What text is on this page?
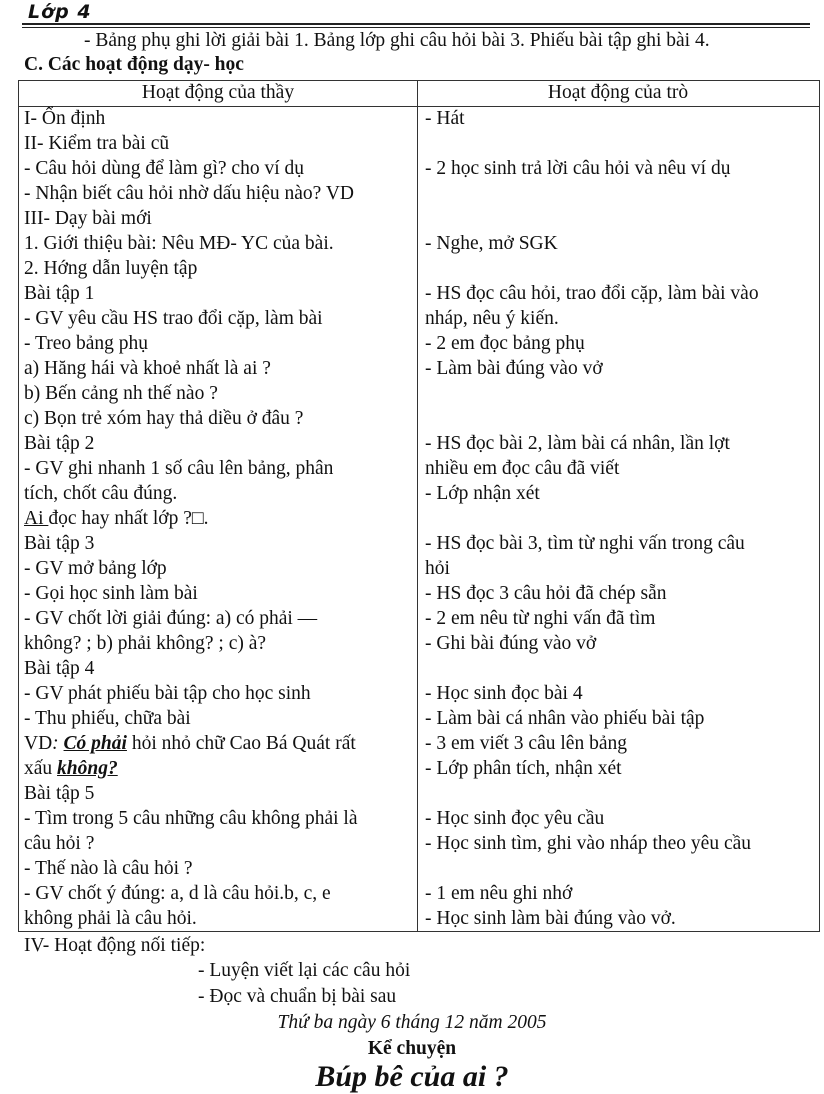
Lớp 4
- Bảng phụ ghi lời giải bài 1. Bảng lớp ghi câu hỏi bài 3. Phiếu bài tập ghi bài 4.
C. Các hoạt động dạy- học
Hoạt động của thầy	Hoạt động của trò
I- Ổn định
II- Kiểm tra bài cũ
- Câu hỏi dùng để làm gì? cho ví dụ
- Nhận biết câu hỏi nhờ dấu hiệu nào? VD
III- Dạy bài mới
1. Giới thiệu bài: Nêu MĐ- YC của bài.
2. Hớng dẫn luyện tập
Bài tập 1
- GV yêu cầu HS trao đổi cặp, làm bài
- Treo bảng phụ
a) Hăng hái và khoẻ nhất là ai ?
b) Bến cảng nh thế nào ?
c) Bọn trẻ xóm hay thả diều ở đâu ?
Bài tập 2
- GV ghi nhanh 1 số câu lên bảng, phân
tích, chốt câu đúng.
Bài tập 3
- GV mở bảng lớp
- Gọi học sinh làm bài
- GV chốt lời giải đúng: a) có phải —
không? ; b) phải không? ; c) à?
Bài tập 4
- GV phát phiếu bài tập cho học sinh
- Thu phiếu, chữa bài
Bài tập 5
- Tìm trong 5 câu những câu không phải là
câu hỏi ?
- Thế nào là câu hỏi ?
- GV chốt ý đúng: a, d là câu hỏi.b, c, e
không phải là câu hỏi.
- Hát
- 2 học sinh trả lời câu hỏi và nêu ví dụ
- Nghe, mở SGK
- HS đọc câu hỏi, trao đổi cặp, làm bài vào
nháp, nêu ý kiến.
- 2 em đọc bảng phụ
- Làm bài đúng vào vở
- HS đọc bài 2, làm bài cá nhân, lần lợt
nhiều em đọc câu đã viết
- Lớp nhận xét
- HS đọc bài 3, tìm từ nghi vấn trong câu
hỏi
- HS đọc 3 câu hỏi đã chép sẵn
- 2 em nêu từ nghi vấn đã tìm
- Ghi bài đúng vào vở
- Học sinh đọc bài 4
- Làm bài cá nhân vào phiếu bài tập
- 3 em viết 3 câu lên bảng
- Lớp phân tích, nhận xét
- Học sinh đọc yêu cầu
- Học sinh tìm, ghi vào nháp theo yêu cầu
- 1 em nêu ghi nhớ
- Học sinh làm bài đúng vào vở.
Ai đọc hay nhất lớp ?□.
VD: Có phải hỏi nhỏ chữ Cao Bá Quát rất
xấu không?
IV- Hoạt động nối tiếp:
- Luyện viết lại các câu hỏi
- Đọc và chuẩn bị bài sau
Thứ ba ngày 6 tháng 12 năm 2005
Kể chuyện
Búp bê của ai ?
